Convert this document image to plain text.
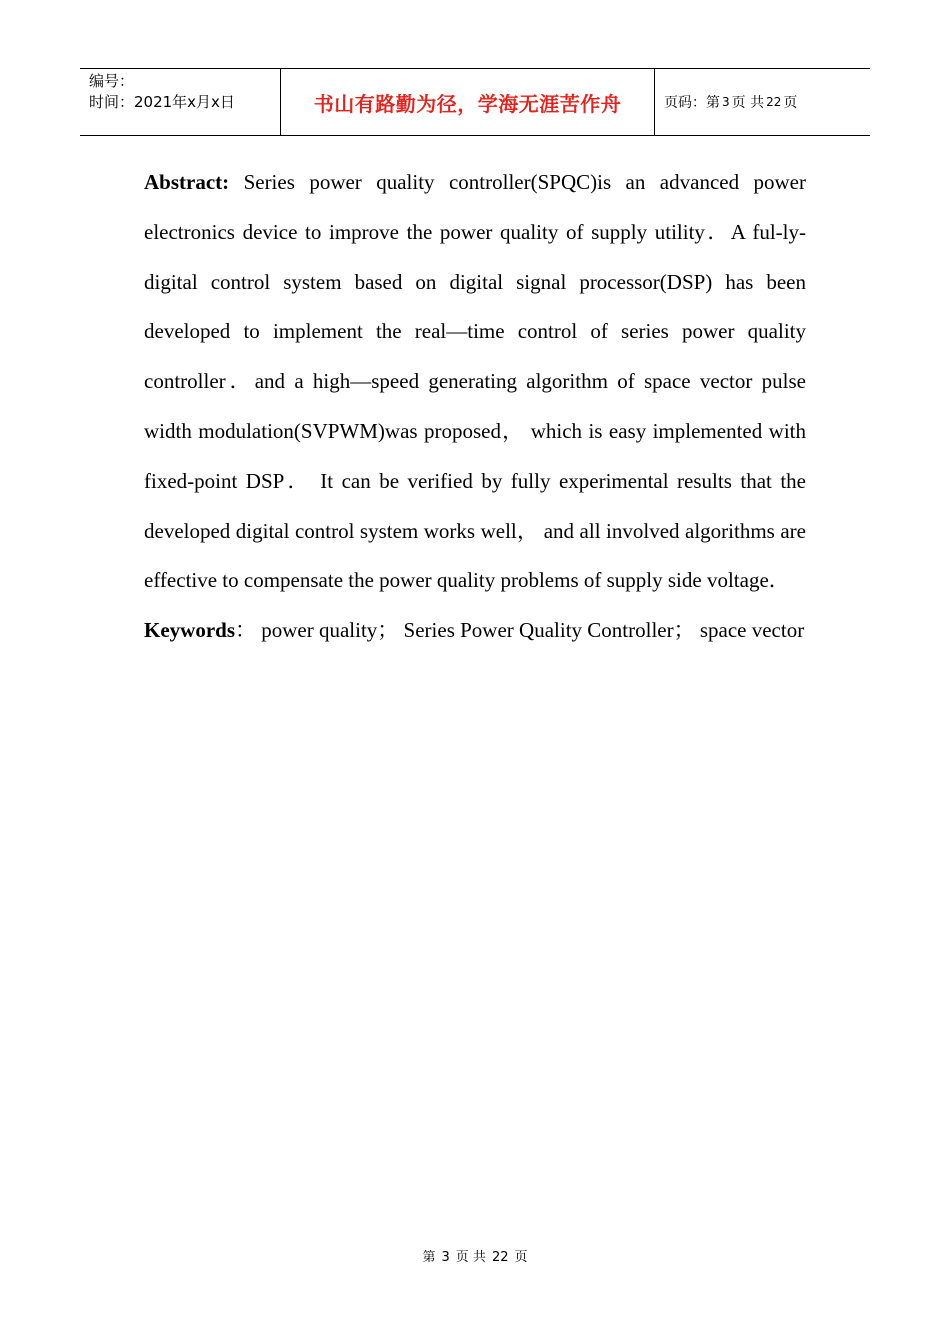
编号：
时间：2021年x月x日	书山有路勤为径，学海无涯苦作舟	页码：第 3 页 共 22 页

Abstract: Series power quality controller(SPQC)is an advanced power electronics device to improve the power quality of supply utility．A ful-ly-digital control system based on digital signal processor(DSP) has been developed to implement the real—time control of series power quality controller．and a high—speed generating algorithm of space vector pulse width modulation(SVPWM)was proposed， which is easy implemented with fixed-point DSP． It can be verified by fully experimental results that the developed digital control system works well， and all involved algorithms are effective to compensate the power quality problems of supply side voltage．

Keywords： power quality； Series Power Quality Controller； space vector

第 3 页 共 22 页
